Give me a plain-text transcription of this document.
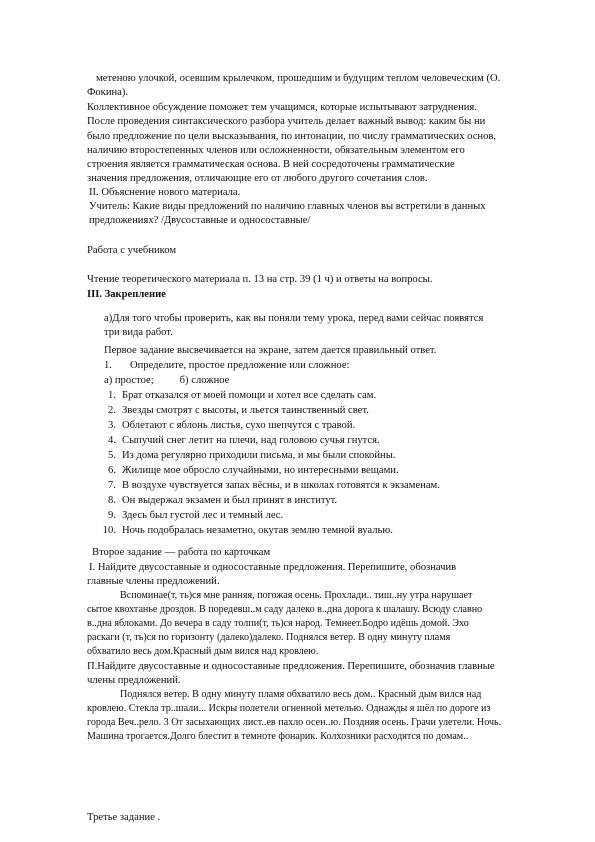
метеною улочкой, осевшим крылечком, прошедшим и будущим теплом человеческим (О.
Фокина).
Коллективное обсуждение поможет тем учащимся, которые испытывают затруднения.
После проведения синтаксического разбора учитель делает важный вывод: каким бы ни
было предложение по цели высказывания, по интонации, по числу грамматических основ,
наличию второстепенных членов или осложненности, обязательным элементом его
строения является грамматическая основа. В ней сосредоточены грамматические
значения предложения, отличающие его от любого другого сочетания слов.
II. Объяснение нового материала.
Учитель: Какие виды предложений по наличию главных членов вы встретили в данных
предложениях? /Двусоставные и односоставные/
Работа с учебником
Чтение теоретического материала п. 13 на стр. 39 (1 ч) и ответы на вопросы.
III. Закрепление
а)Для того чтобы проверить, как вы поняли тему урока, перед вами сейчас появятся
три вида работ.
Первое задание высвечивается на экране, затем дается правильный ответ.
1. Определите, простое предложение или сложное:
а) простое; б) сложное
1. Брат отказался от моей помощи и хотел все сделать сам.
2. Звезды смотрят с высоты, и льется таинственный свет.
3. Облетают с яблонь листья, сухо шепчутся с травой.
4. Сыпучий снег летит на плечи, над головою сучья гнутся.
5. Из дома регулярно приходили письма, и мы были спокойны.
6. Жилище мое обросло случайными, но интересными вещами.
7. В воздухе чувствуется запах вёсны, и в школах готовятся к экзаменам.
8. Он выдержал экзамен и был принят в институт.
9. Здесь был густой лес и темный лес.
10. Ночь подобралась незаметно, окутав землю темной вуалью.
Второе задание — работа по карточкам
I. Найдите двусоставные и односоставные предложения. Перепишите, обозначив
главные члены предложений.
Вспоминае(т, ть)ся мне ранняя, погожая осень. Прохлади.. тиш..ну утра нарушает
сытое квохтанье дроздов. В поредевш..м саду далеко в..дна дорога к шалашу. Всюду славно
в..дна яблоками. До вечера в саду толпи(т, ть)ся народ. Темнеет.Бодро идёшь домой. Эхо
раскаги (т, ть)ся по горизонту (далеко)далеко. Поднялся ветер. В одну минуту пламя
обхватило весь дом.Красный дым вился над кровлею.
П.Найдите двусоставные и односоставные предложения. Перепишите, обозначив главные
члены предложений.
Поднялся ветер. В одну минуту пламя обхватило весь дом.. Красный дым вился над
кровлею. Стекла тр..шали... Искры полетели огненной метелью. Однажды я шёл по дороге из
города Веч..рело. 3 От засыхающих лист..ев пахло осен..ю. Поздняя осень. Грачи улетели. Ночь.
Машина трогается.Долго блестит в темноте фонарик. Колхозники расходятся по домам..
Третье задание .
